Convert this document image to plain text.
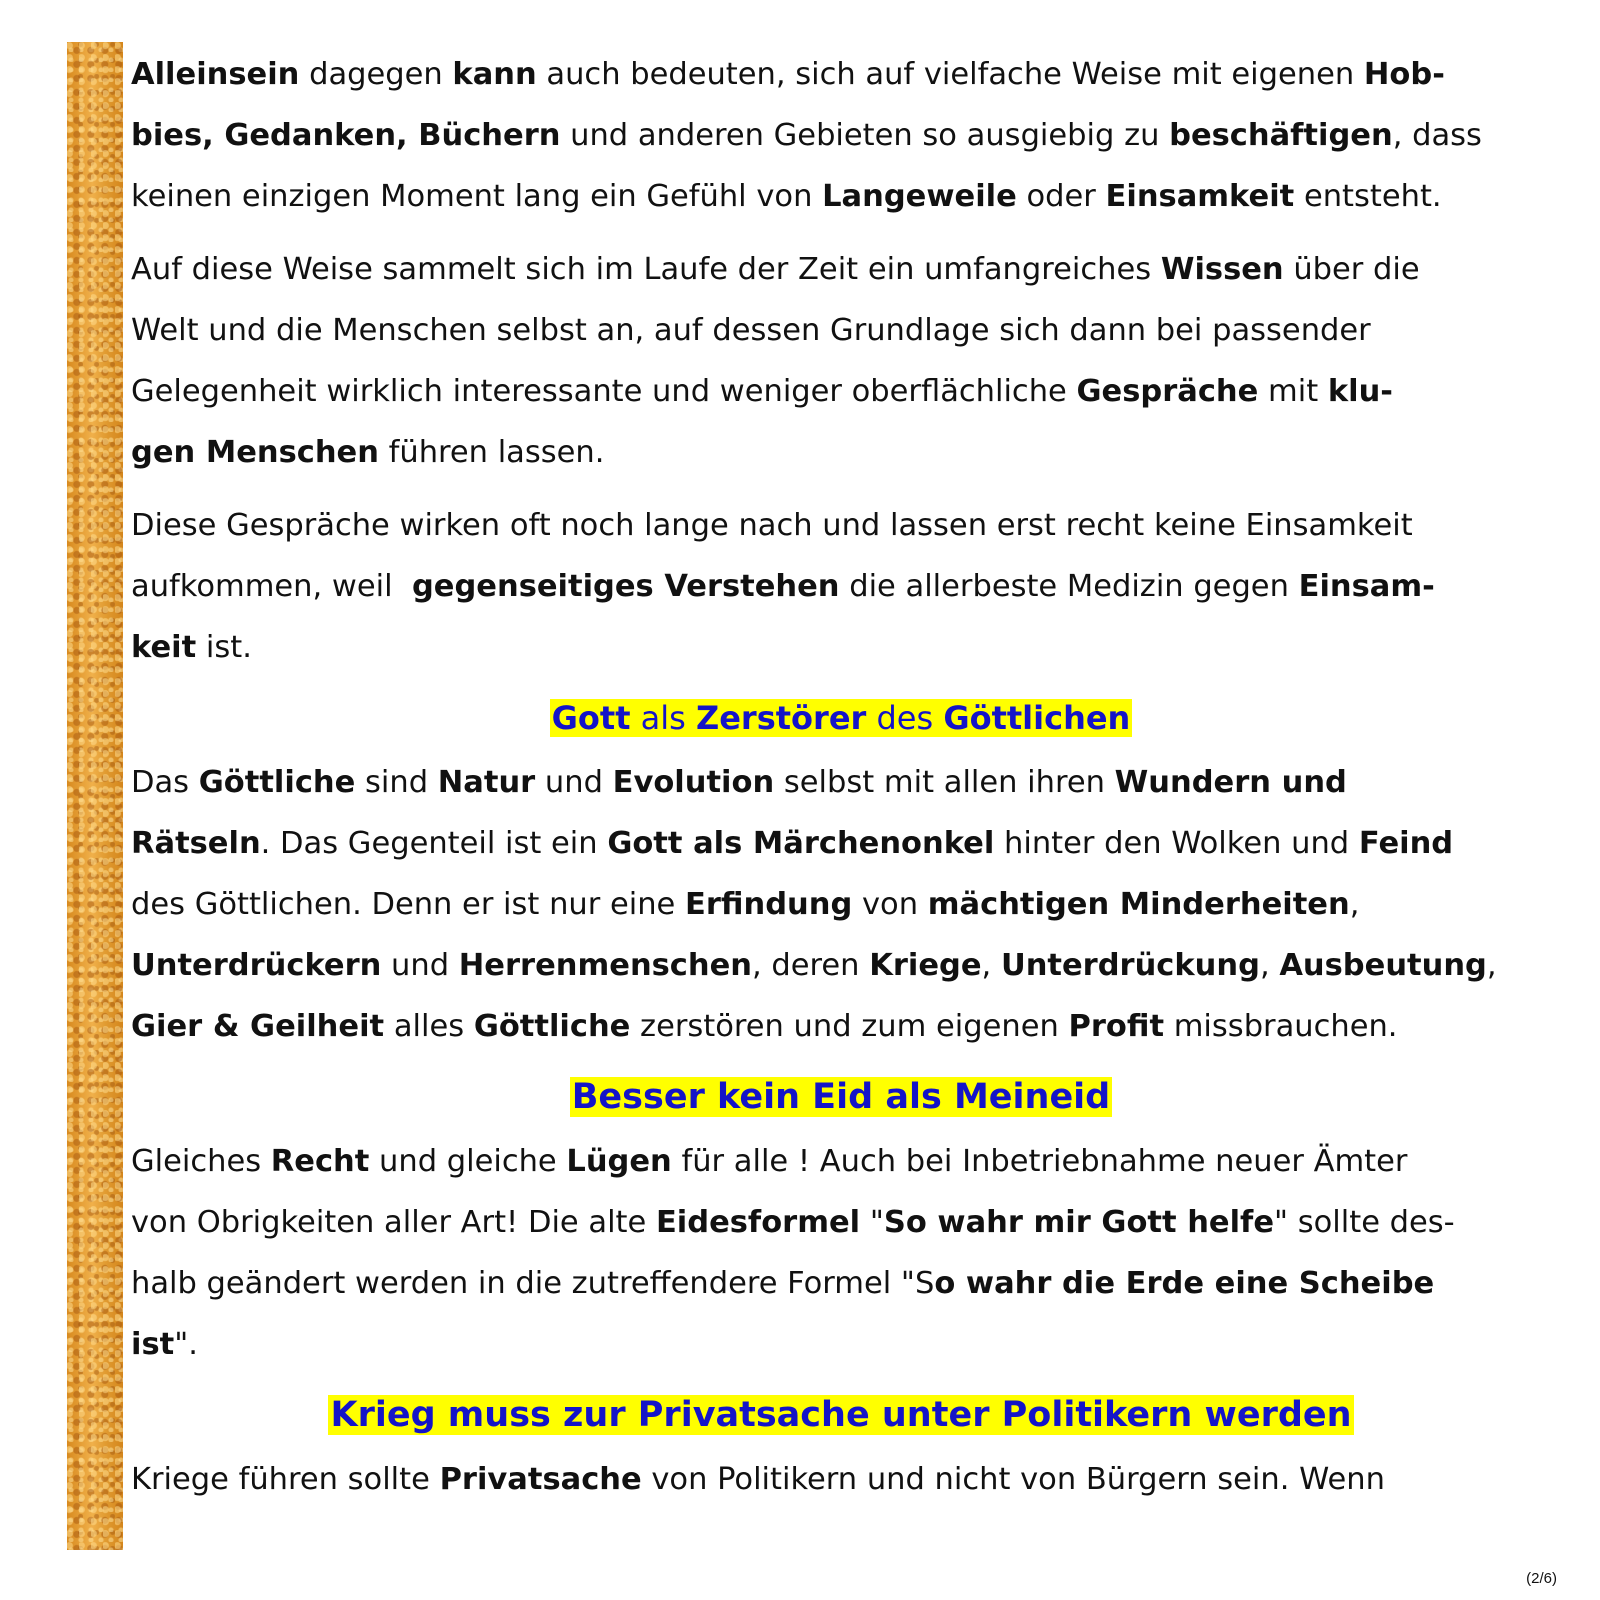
Alleinsein dagegen kann auch bedeuten, sich auf vielfache Weise mit eigenen Hob-
bies, Gedanken, Büchern und anderen Gebieten so ausgiebig zu beschäftigen, dass
keinen einzigen Moment lang ein Gefühl von Langeweile oder Einsamkeit entsteht.

Auf diese Weise sammelt sich im Laufe der Zeit ein umfangreiches Wissen über die
Welt und die Menschen selbst an, auf dessen Grundlage sich dann bei passender
Gelegenheit wirklich interessante und weniger oberflächliche Gespräche mit klu-
gen Menschen führen lassen.

Diese Gespräche wirken oft noch lange nach und lassen erst recht keine Einsamkeit
aufkommen, weil  gegenseitiges Verstehen die allerbeste Medizin gegen Einsam-
keit ist.

Gott als Zerstörer des Göttlichen

Das Göttliche sind Natur und Evolution selbst mit allen ihren Wundern und
Rätseln. Das Gegenteil ist ein Gott als Märchenonkel hinter den Wolken und Feind
des Göttlichen. Denn er ist nur eine Erfindung von mächtigen Minderheiten,
Unterdrückern und Herrenmenschen, deren Kriege, Unterdrückung, Ausbeutung,
Gier & Geilheit alles Göttliche zerstören und zum eigenen Profit missbrauchen.

Besser kein Eid als Meineid

Gleiches Recht und gleiche Lügen für alle ! Auch bei Inbetriebnahme neuer Ämter
von Obrigkeiten aller Art! Die alte Eidesformel "So wahr mir Gott helfe" sollte des-
halb geändert werden in die zutreffendere Formel "So wahr die Erde eine Scheibe
ist".

Krieg muss zur Privatsache unter Politikern werden

Kriege führen sollte Privatsache von Politikern und nicht von Bürgern sein. Wenn

(2/6)
